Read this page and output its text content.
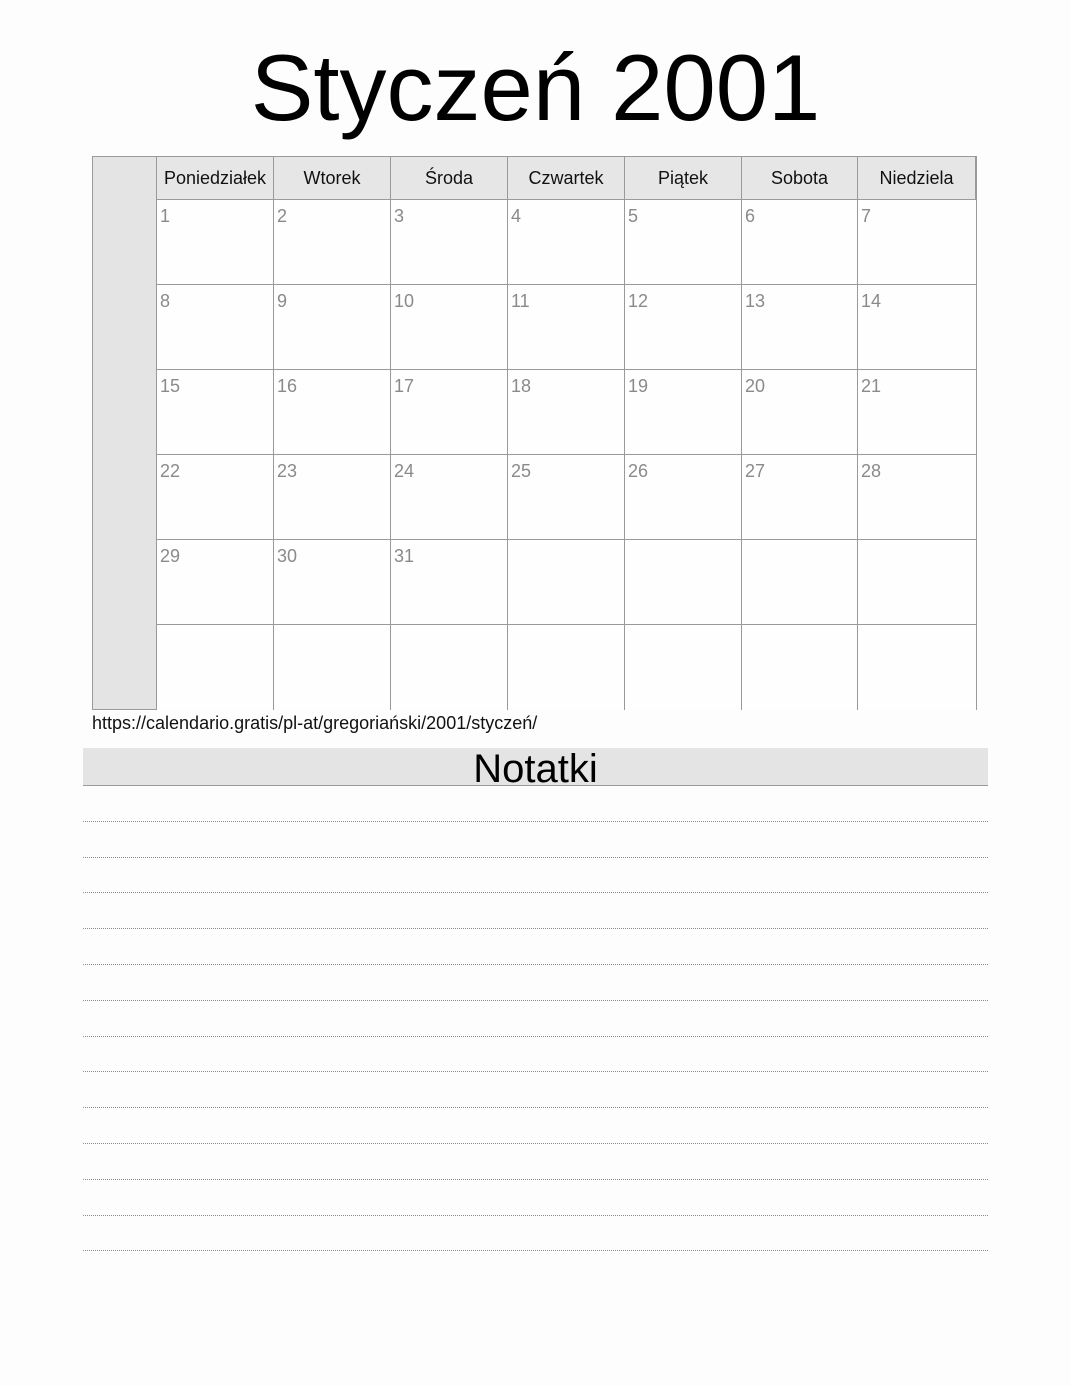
Styczeń 2001
Poniedziałek	Wtorek	Środa	Czwartek	Piątek	Sobota	Niedziela
1	2	3	4	5	6	7
8	9	10	11	12	13	14
15	16	17	18	19	20	21
22	23	24	25	26	27	28
29	30	31
https://calendario.gratis/pl-at/gregoriański/2001/styczeń/
Notatki
